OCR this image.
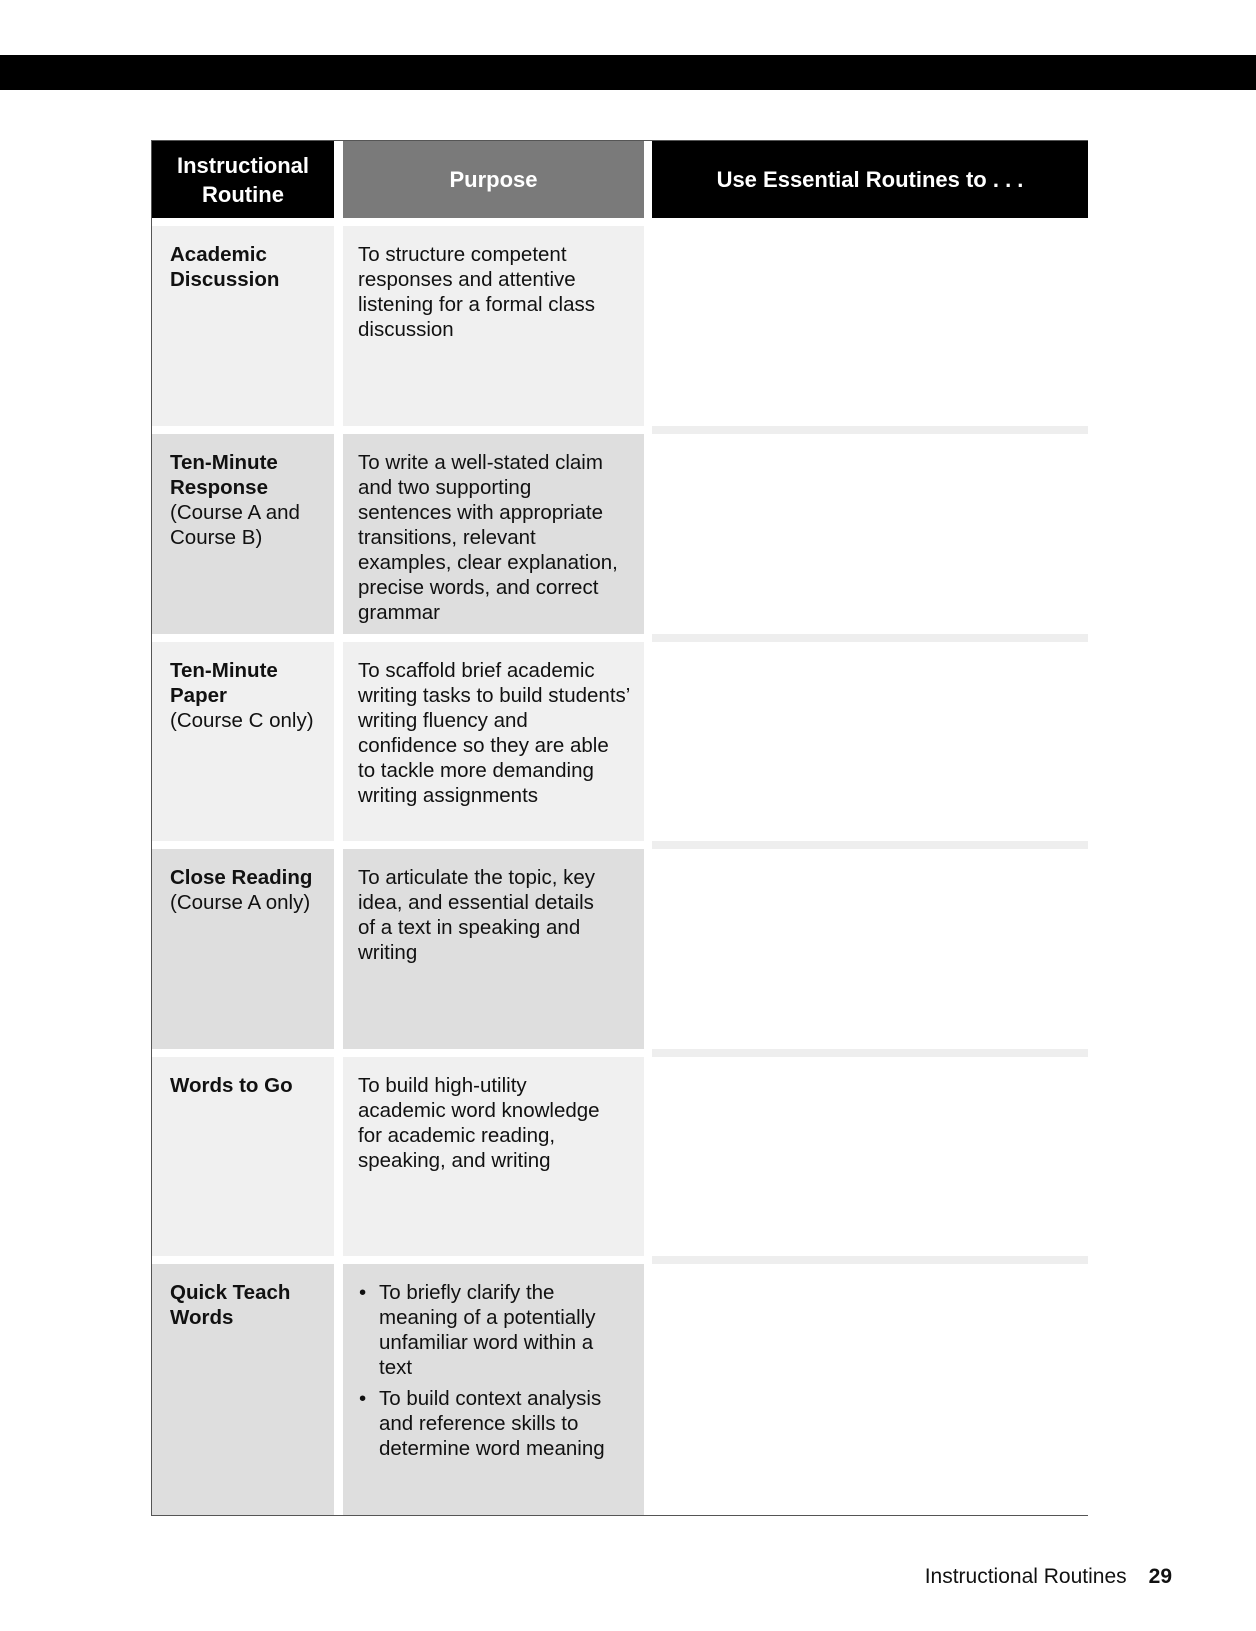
Instructional Routine
Purpose	Use Essential Routines to . . .
Academic Discussion
To structure competent responses and attentive listening for a formal class discussion
Ten-Minute Response
(Course A and Course B)
To write a well-stated claim and two supporting sentences with appropriate transitions, relevant examples, clear explanation, precise words, and correct grammar
Ten-Minute Paper
(Course C only)
To scaffold brief academic writing tasks to build students’ writing fluency and confidence so they are able to tackle more demanding writing assignments
Close Reading
(Course A only)
To articulate the topic, key idea, and essential details of a text in speaking and writing
Words to Go	To build high-utility academic word knowledge for academic reading, speaking, and writing
Quick Teach Words
• To briefly clarify the meaning of a potentially unfamiliar word within a text
• To build context analysis and reference skills to determine word meaning
Instructional Routines 29
